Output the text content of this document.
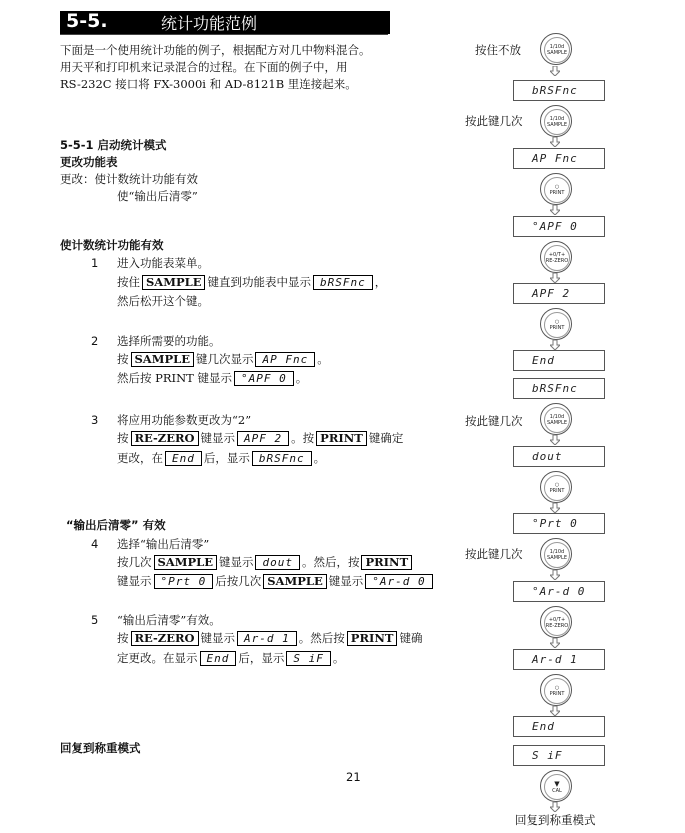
5-5.	统计功能范例
下面是一个使用统计功能的例子，根据配方对几中物料混合。
用天平和打印机来记录混合的过程。在下面的例子中，用
RS-232C 接口将 FX-3000i 和 AD-8121B 里连接起来。
5-5-1 启动统计模式
更改功能表
更改：使计数统计功能有效
使“输出后清零”
使计数统计功能有效
1 进入功能表菜单。
按住 SAMPLE 键直到功能表中显示 bRSFnc ，
然后松开这个键。
2 选择所需要的功能。
按 SAMPLE 键几次显示 AP Fnc 。
然后按 PRINT 键显示 °APF 0 。
3 将应用功能参数更改为“2”
按 RE-ZERO 键显示 APF 2 。按 PRINT 键确定
更改，在 End 后，显示 bRSFnc 。
“输出后清零” 有效
4 选择“输出后清零”
按几次 SAMPLE 键显示 dout 。然后，按 PRINT
键显示 °Prt 0 后按几次 SAMPLE 键显示 °Ar-d 0
5 “输出后清零”有效。
按 RE-ZERO 键显示 Ar-d 1 。然后按 PRINT 键确
定更改。在显示 End 后，显示 S iF 。
回复到称重模式
21
按住不放
按此键几次
按此键几次
按此键几次
回复到称重模式
1/10d
SAMPLE
bRSFnc
1/10d
SAMPLE
AP Fnc
○
PRINT
°APF 0
+0/T+
RE-ZERO
APF 2
○
PRINT
End
bRSFnc
1/10d
SAMPLE
dout
○
PRINT
°Prt 0
1/10d
SAMPLE
°Ar-d 0
+0/T+
RE-ZERO
Ar-d 1
○
PRINT
End
S iF
▼
CAL
